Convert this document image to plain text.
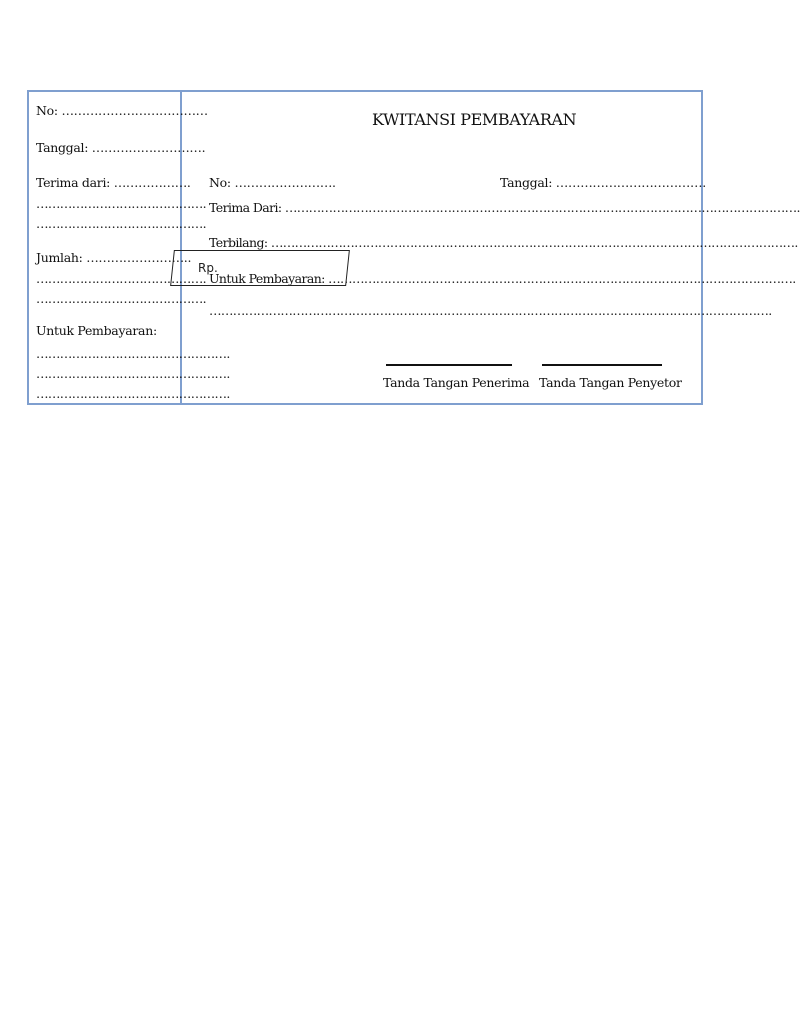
No: ………………………………
Tanggal: ……………………….
Terima dari: ……………….
…………………………………….
…………………………………….
Jumlah: ……………………..
…………………………………….
…………………………………….
Untuk Pembayaran:
………………………………………….
………………………………………….
………………………………………….
KWITANSI PEMBAYARAN
No: …………………….	Tanggal: ……………………………….
Terima Dari: ………………………………………………………………………………………………………………….
Terbilang: …………………………………………………………………………………………………………………….
Untuk Pembayaran: ……………………………………………………………………………………………………….
…………………………………………………………………………………………………………………………….
Rp.
Tanda Tangan Penerima Tanda Tangan Penyetor
